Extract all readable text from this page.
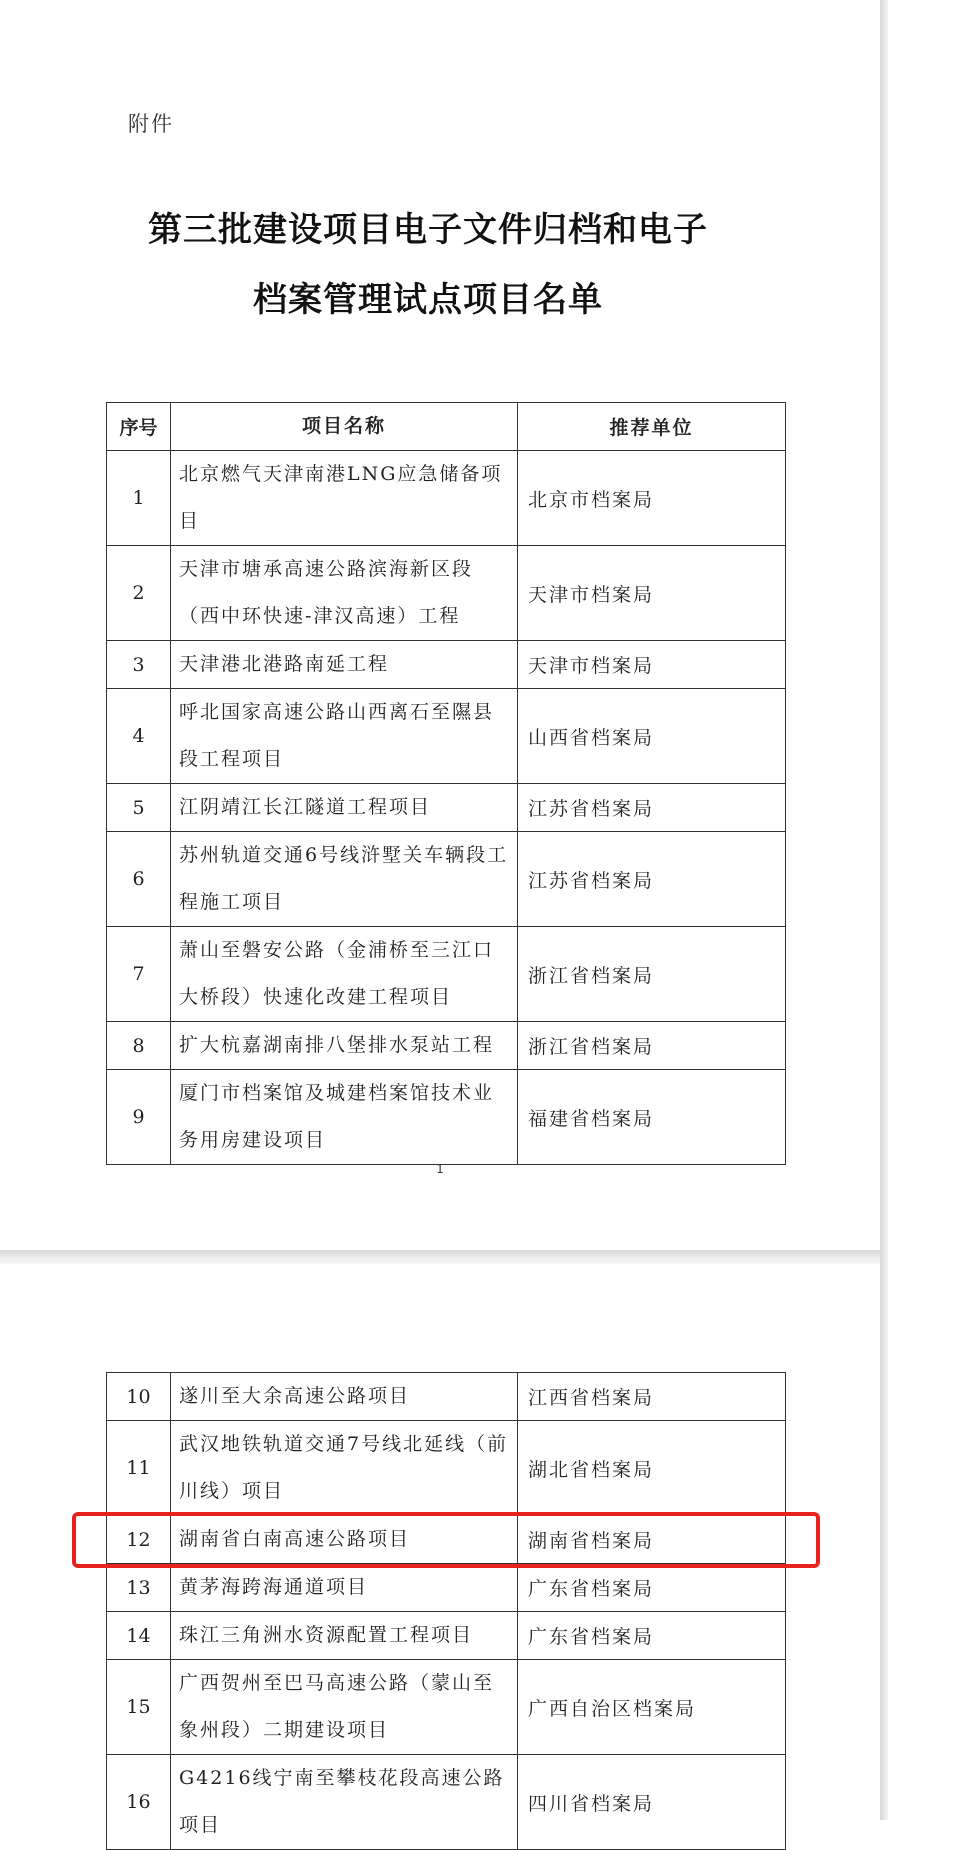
附件
第三批建设项目电子文件归档和电子
档案管理试点项目名单
序号	项目名称	推荐单位
1	北京燃气天津南港LNG应急储备项目	北京市档案局
2	天津市塘承高速公路滨海新区段（西中环快速-津汉高速）工程	天津市档案局
3	天津港北港路南延工程	天津市档案局
4	呼北国家高速公路山西离石至隰县段工程项目	山西省档案局
5	江阴靖江长江隧道工程项目	江苏省档案局
6	苏州轨道交通6号线浒墅关车辆段工程施工项目	江苏省档案局
7	萧山至磐安公路（金浦桥至三江口大桥段）快速化改建工程项目	浙江省档案局
8	扩大杭嘉湖南排八堡排水泵站工程	浙江省档案局
9	厦门市档案馆及城建档案馆技术业务用房建设项目	福建省档案局
1
10	遂川至大余高速公路项目	江西省档案局
11	武汉地铁轨道交通7号线北延线（前川线）项目	湖北省档案局
12	湖南省白南高速公路项目	湖南省档案局
13	黄茅海跨海通道项目	广东省档案局
14	珠江三角洲水资源配置工程项目	广东省档案局
15	广西贺州至巴马高速公路（蒙山至象州段）二期建设项目	广西自治区档案局
16	G4216线宁南至攀枝花段高速公路项目	四川省档案局
